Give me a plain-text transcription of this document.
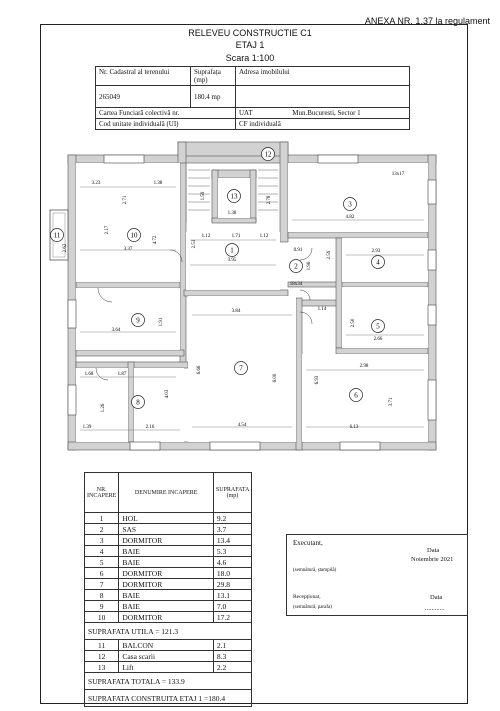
ANEXA NR. 1.37 la regulament
RELEVEU CONSTRUCTIE C1
ETAJ 1
Scara 1:100
Nr. Cadastral al terenului	Suprafața (mp)	Adresa imobilului
265049	180.4 mp	
Cartea Funciară colectivă nr.		UAT Mun.Bucuresti, Sector 1
Cod unitate individuală (UI)		CF individuală
1
2
3
4
5
6
7
8
9
10
11
12
13
3.23	1.38
1.59
1.38
2.78
4.82
13x17
2.17
4.72	2.53
1.12	1.71	1.12
3.95
0.91	2.93
3.37
2.62
1.96
18x34
3.84	1.14
2.50
2.66
3.64
1.91
6.66
6.00	6.93
2.98
1.68	1.87
4.03
3.71
1.26
1.39	2.16	4.54	6.13
2.71
2.59
NR. INCAPERE	DENUMIRE INCAPERE	SUPRAFATA (mp)
1	HOL	9.2
2	SAS	3.7
3	DORMITOR	13.4
4	BAIE	5.3
5	BAIE	4.6
6	DORMITOR	18.0
7	DORMITOR	29.8
8	BAIE	13.1
9	BAIE	7.0
10	DORMITOR	17.2
SUPRAFATA UTILA = 121.3		
11	BALCON	2.1
12	Casa scarii	8.3
13	Lift	2.2
SUPRAFATA TOTALA = 133.9		
SUPRAFATA CONSTRUITA ETAJ 1 =180.4		
Executant,
Data
Noiembrie 2021
(semnătură, ștampilă)
Recepționat,	Data
(semnătură, parafa)	............
